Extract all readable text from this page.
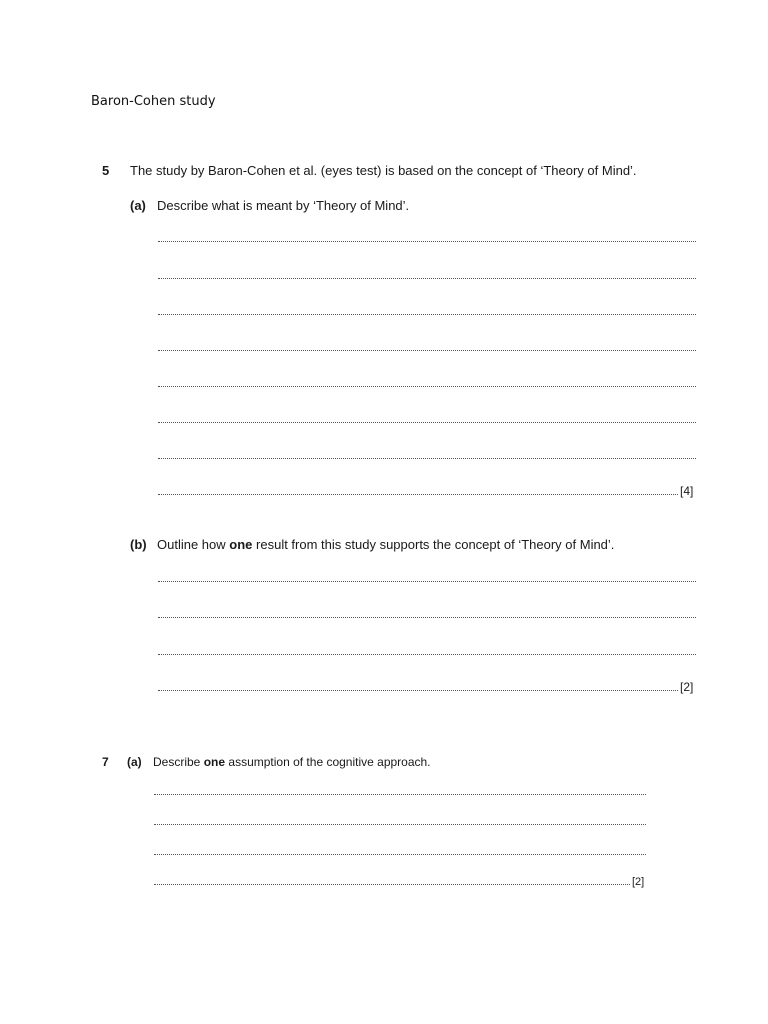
Baron-Cohen study
5 The study by Baron-Cohen et al. (eyes test) is based on the concept of ‘Theory of Mind’.
(a) Describe what is meant by ‘Theory of Mind’.
[4]
(b) Outline how one result from this study supports the concept of ‘Theory of Mind’.
[2]
7 (a) Describe one assumption of the cognitive approach.
[2]
